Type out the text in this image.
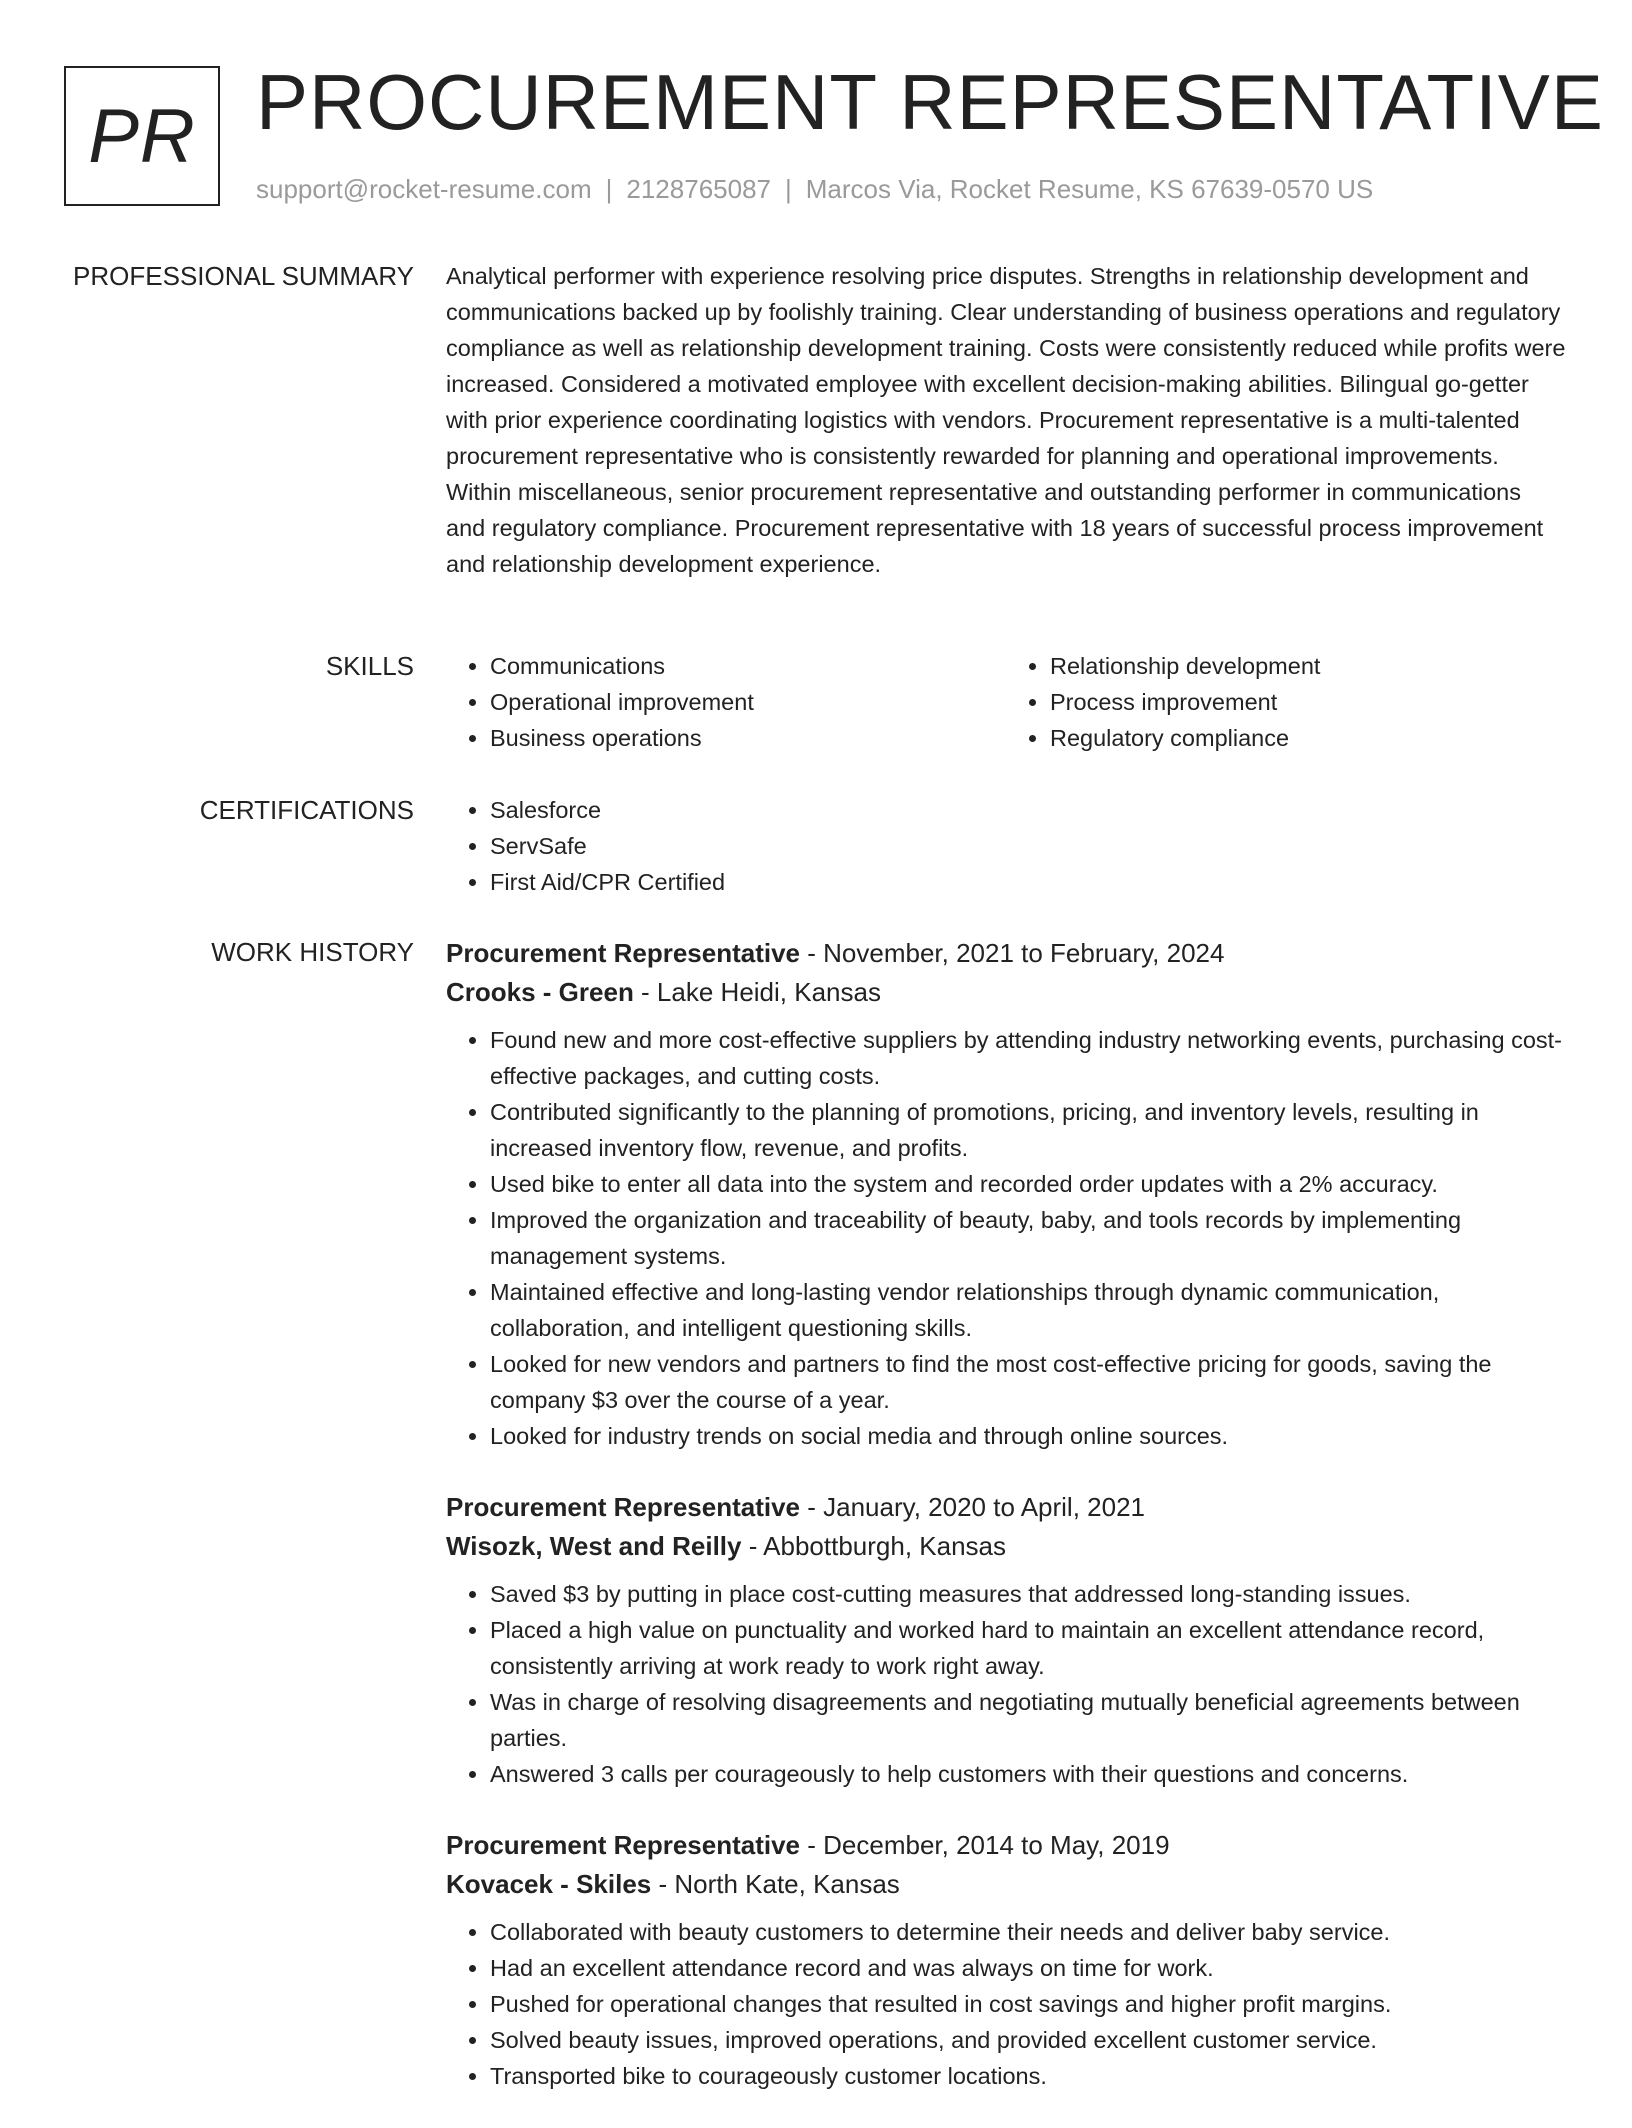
PR PROCUREMENT REPRESENTATIVE
support@rocket-resume.com | 2128765087 | Marcos Via, Rocket Resume, KS 67639-0570 US
PROFESSIONAL SUMMARY Analytical performer with experience resolving price disputes. Strengths in relationship development and communications backed up by foolishly training. Clear understanding of business operations and regulatory compliance as well as relationship development training. Costs were consistently reduced while profits were increased. Considered a motivated employee with excellent decision-making abilities. Bilingual go-getter with prior experience coordinating logistics with vendors. Procurement representative is a multi-talented procurement representative who is consistently rewarded for planning and operational improvements. Within miscellaneous, senior procurement representative and outstanding performer in communications and regulatory compliance. Procurement representative with 18 years of successful process improvement and relationship development experience.

SKILLS	• Communications
• Operational improvement
• Business operations
• Relationship development
• Process improvement
• Regulatory compliance
CERTIFICATIONS	• Salesforce
• ServSafe
• First Aid/CPR Certified
WORK HISTORY Procurement Representative - November, 2021 to February, 2024
Crooks - Green - Lake Heidi, Kansas
• Found new and more cost-effective suppliers by attending industry networking events, purchasing cost-effective packages, and cutting costs.
• Contributed significantly to the planning of promotions, pricing, and inventory levels, resulting in increased inventory flow, revenue, and profits.
• Used bike to enter all data into the system and recorded order updates with a 2% accuracy.
• Improved the organization and traceability of beauty, baby, and tools records by implementing management systems.
• Maintained effective and long-lasting vendor relationships through dynamic communication, collaboration, and intelligent questioning skills.
• Looked for new vendors and partners to find the most cost-effective pricing for goods, saving the company $3 over the course of a year.
• Looked for industry trends on social media and through online sources.
Procurement Representative - January, 2020 to April, 2021
Wisozk, West and Reilly - Abbottburgh, Kansas
• Saved $3 by putting in place cost-cutting measures that addressed long-standing issues.
• Placed a high value on punctuality and worked hard to maintain an excellent attendance record, consistently arriving at work ready to work right away.
• Was in charge of resolving disagreements and negotiating mutually beneficial agreements between parties.
• Answered 3 calls per courageously to help customers with their questions and concerns.
Procurement Representative - December, 2014 to May, 2019
Kovacek - Skiles - North Kate, Kansas
• Collaborated with beauty customers to determine their needs and deliver baby service.
• Had an excellent attendance record and was always on time for work.
• Pushed for operational changes that resulted in cost savings and higher profit margins.
• Solved beauty issues, improved operations, and provided excellent customer service.
• Transported bike to courageously customer locations.
